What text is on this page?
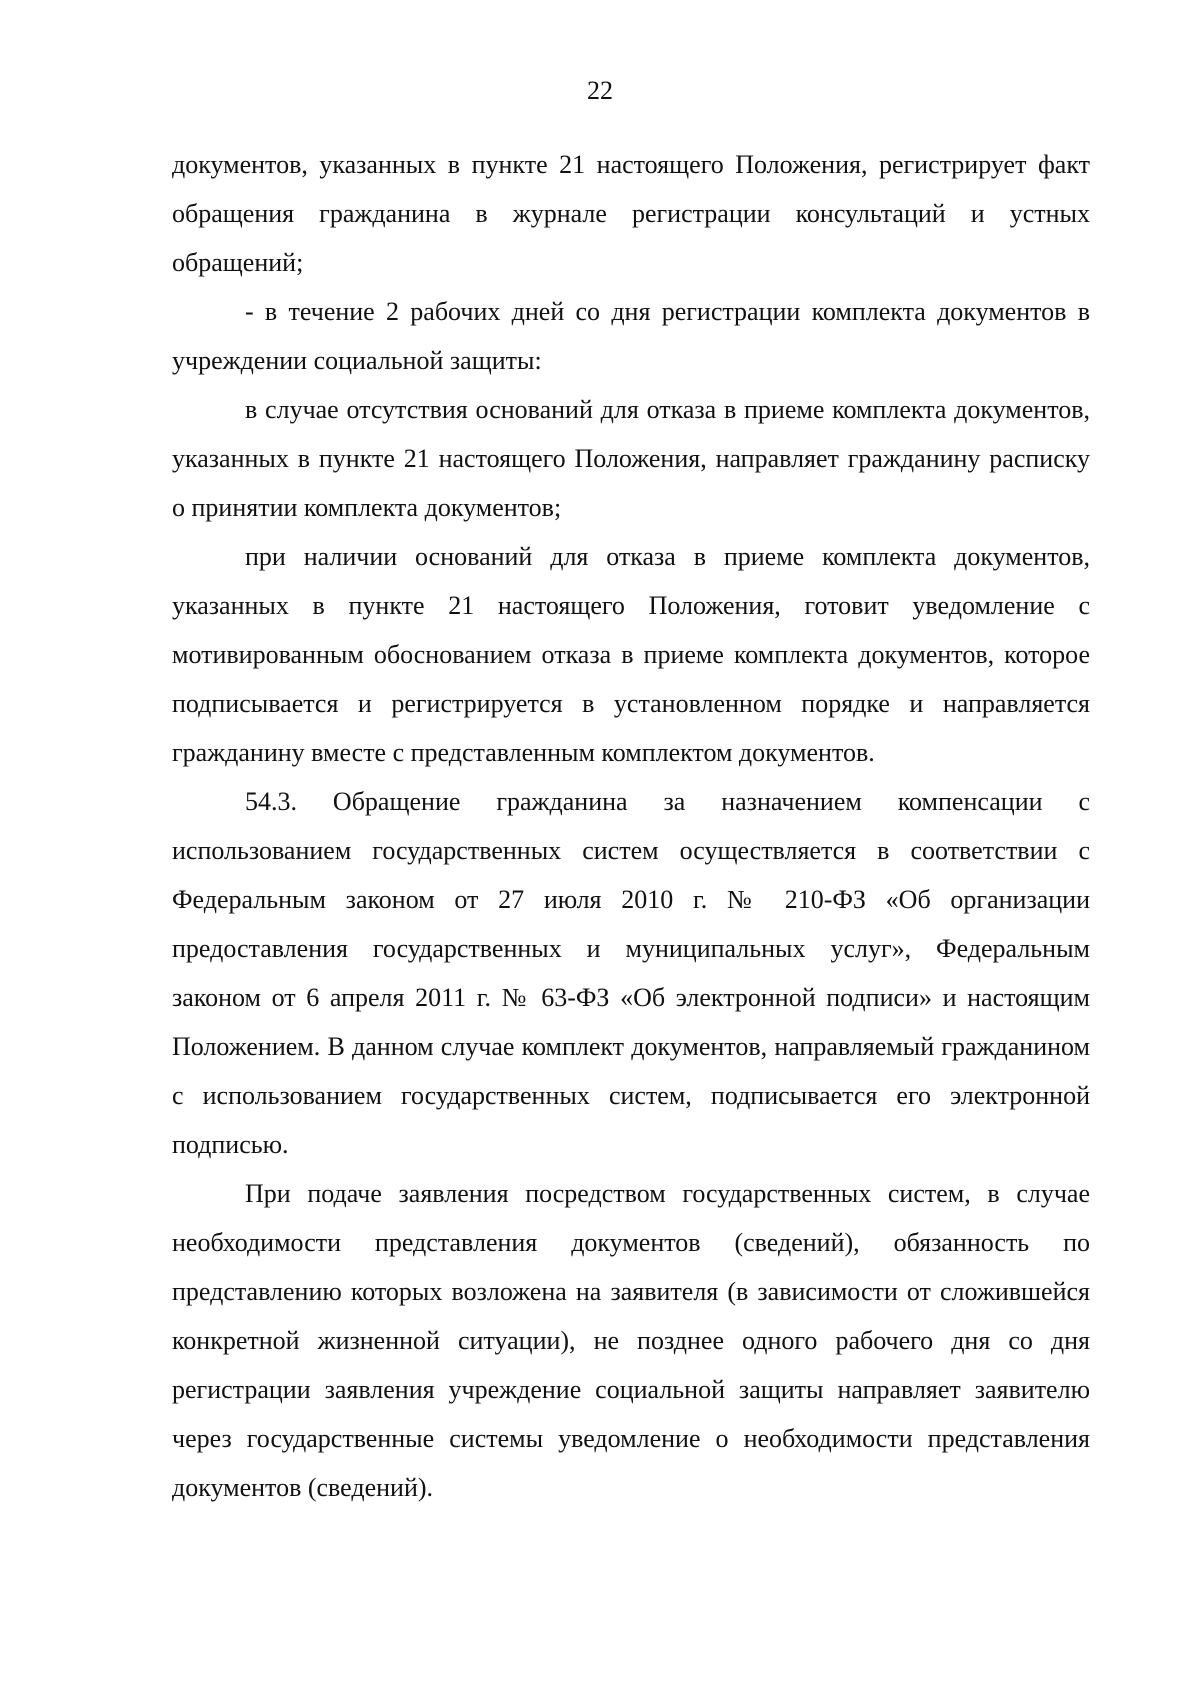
22

документов, указанных в пункте 21 настоящего Положения, регистрирует факт обращения гражданина в журнале регистрации консультаций и устных обращений;

- в течение 2 рабочих дней со дня регистрации комплекта документов в учреждении социальной защиты:

в случае отсутствия оснований для отказа в приеме комплекта документов, указанных в пункте 21 настоящего Положения, направляет гражданину расписку о принятии комплекта документов;

при наличии оснований для отказа в приеме комплекта документов, указанных в пункте 21 настоящего Положения, готовит уведомление с мотивированным обоснованием отказа в приеме комплекта документов, которое подписывается и регистрируется в установленном порядке и направляется гражданину вместе с представленным комплектом документов.

54.3. Обращение гражданина за назначением компенсации с использованием государственных систем осуществляется в соответствии с Федеральным законом от 27 июля 2010 г. № 210-ФЗ «Об организации предоставления государственных и муниципальных услуг», Федеральным законом от 6 апреля 2011 г. № 63-ФЗ «Об электронной подписи» и настоящим Положением. В данном случае комплект документов, направляемый гражданином с использованием государственных систем, подписывается его электронной подписью.

При подаче заявления посредством государственных систем, в случае необходимости представления документов (сведений), обязанность по представлению которых возложена на заявителя (в зависимости от сложившейся конкретной жизненной ситуации), не позднее одного рабочего дня со дня регистрации заявления учреждение социальной защиты направляет заявителю через государственные системы уведомление о необходимости представления документов (сведений).
